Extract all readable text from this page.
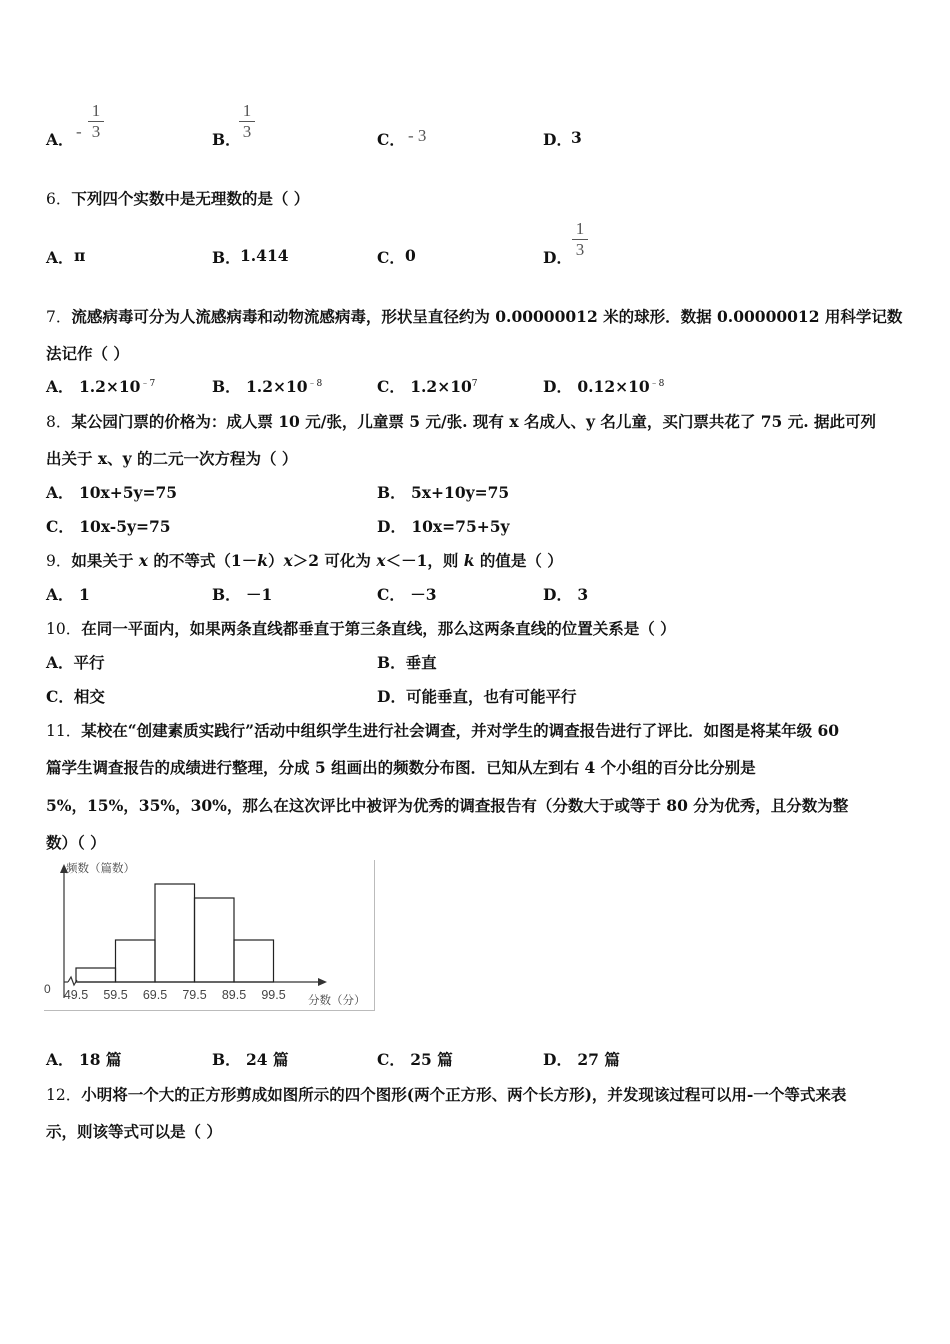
A． -
1
3	B．
1
3	C． - 3	D． 3
6．下列四个实数中是无理数的是（ ）
A． π	B． 1.414	C． 0	D．
1
3
7．流感病毒可分为人流感病毒和动物流感病毒，形状呈直径约为 0.00000012 米的球形．数据 0.00000012 用科学记数
法记作（ ）
A． $1.2\times 10^{﹣7}$	B． $1.2\times 10^{﹣8}$	C． $1.2\times 10^7$	D． $0.12\times 10^{﹣8}$
8．某公园门票的价格为：成人票 10 元/张，儿童票 5 元/张. 现有 x 名成人、y 名儿童，买门票共花了 75 元. 据此可列
出关于 x、y 的二元一次方程为（ ）
A． 10x+5y=75	B． 5x+10y=75
C． 10x-5y=75	D． 10x=75+5y
9．如果关于 x 的不等式（1－k）x＞2 可化为 x＜－1，则 k 的值是（ ）
A． 1	B． －1	C． －3	D． 3
10．在同一平面内，如果两条直线都垂直于第三条直线，那么这两条直线的位置关系是（ ）
A．平行	B．垂直
C．相交	D．可能垂直，也有可能平行
11．某校在“创建素质实践行”活动中组织学生进行社会调查，并对学生的调查报告进行了评比．如图是将某年级 60
篇学生调查报告的成绩进行整理，分成 5 组画出的频数分布图．已知从左到右 4 个小组的百分比分别是
5%，15%，35%，30%，那么在这次评比中被评为优秀的调查报告有（分数大于或等于 80 分为优秀，且分数为整
数）（ ）
频数（篇数）
0
分数（分）
49.5 59.5 69.5 79.5 89.5 99.5
A． 18 篇	B． 24 篇	C． 25 篇	D． 27 篇
12．小明将一个大的正方形剪成如图所示的四个图形(两个正方形、两个长方形)，并发现该过程可以用-一个等式来表
示，则该等式可以是（ ）
